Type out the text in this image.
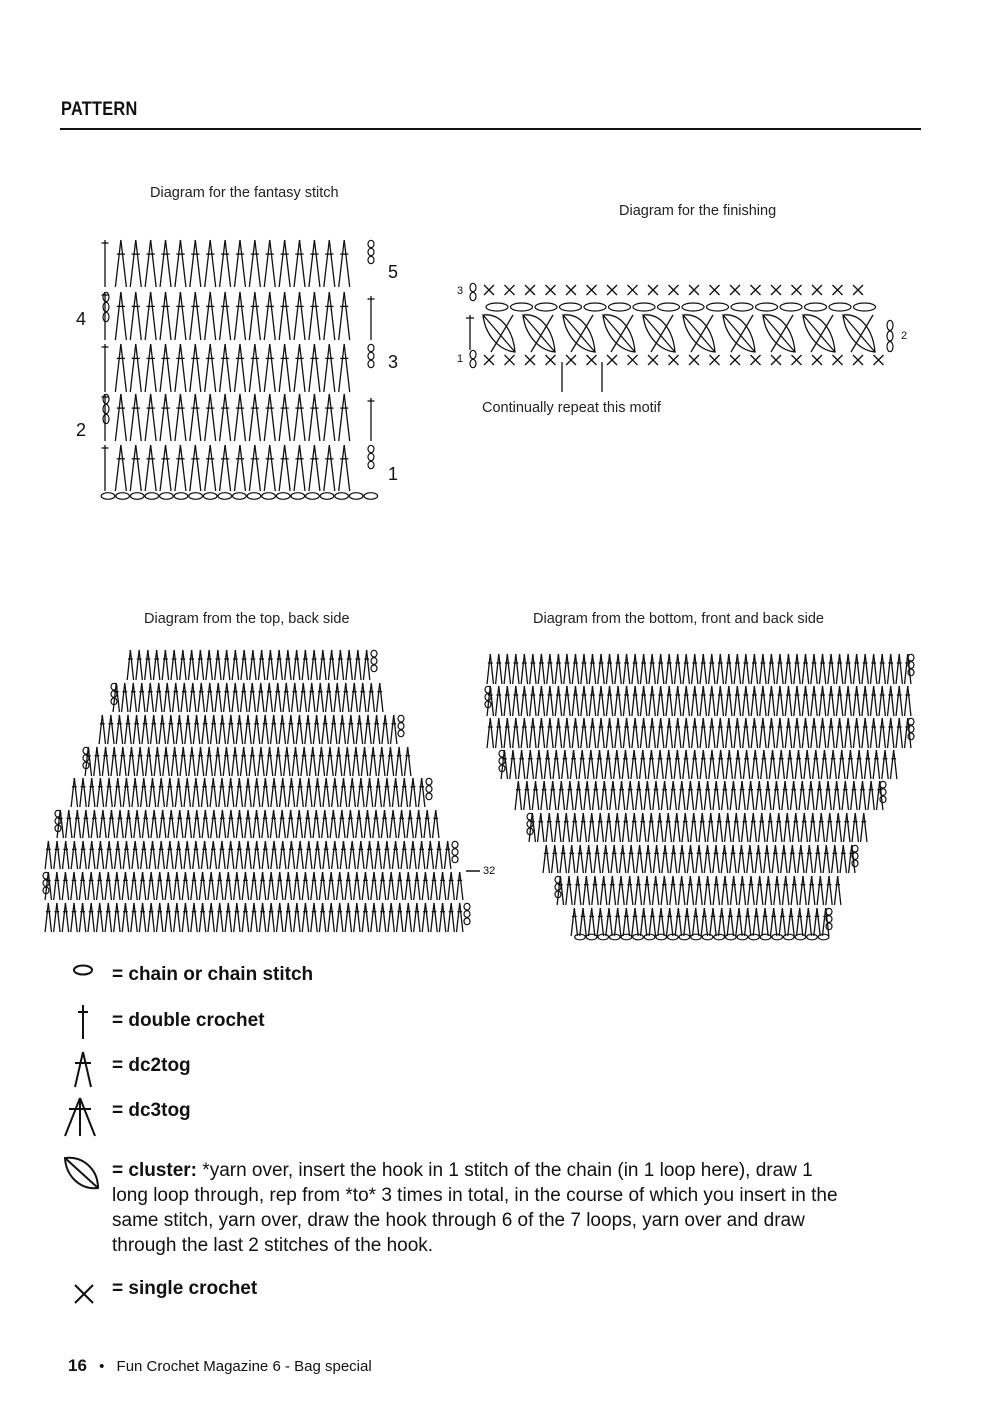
PATTERN
Diagram for the fantasy stitch
Diagram for the finishing
Diagram from the top, back side	Diagram from the bottom, front and back side
Continually repeat this motif
5
4
3
2
1
3
2
1
32
= chain or chain stitch
= double crochet
= dc2tog
= dc3tog
= cluster: *yarn over, insert the hook in 1 stitch of the chain (in 1 loop here), draw 1 long loop through, rep from *to* 3 times in total, in the course of which you insert in the same stitch, yarn over, draw the hook through 6 of the 7 loops, yarn over and draw through the last 2 stitches of the hook.
= single crochet
16 • Fun Crochet Magazine 6 - Bag special
